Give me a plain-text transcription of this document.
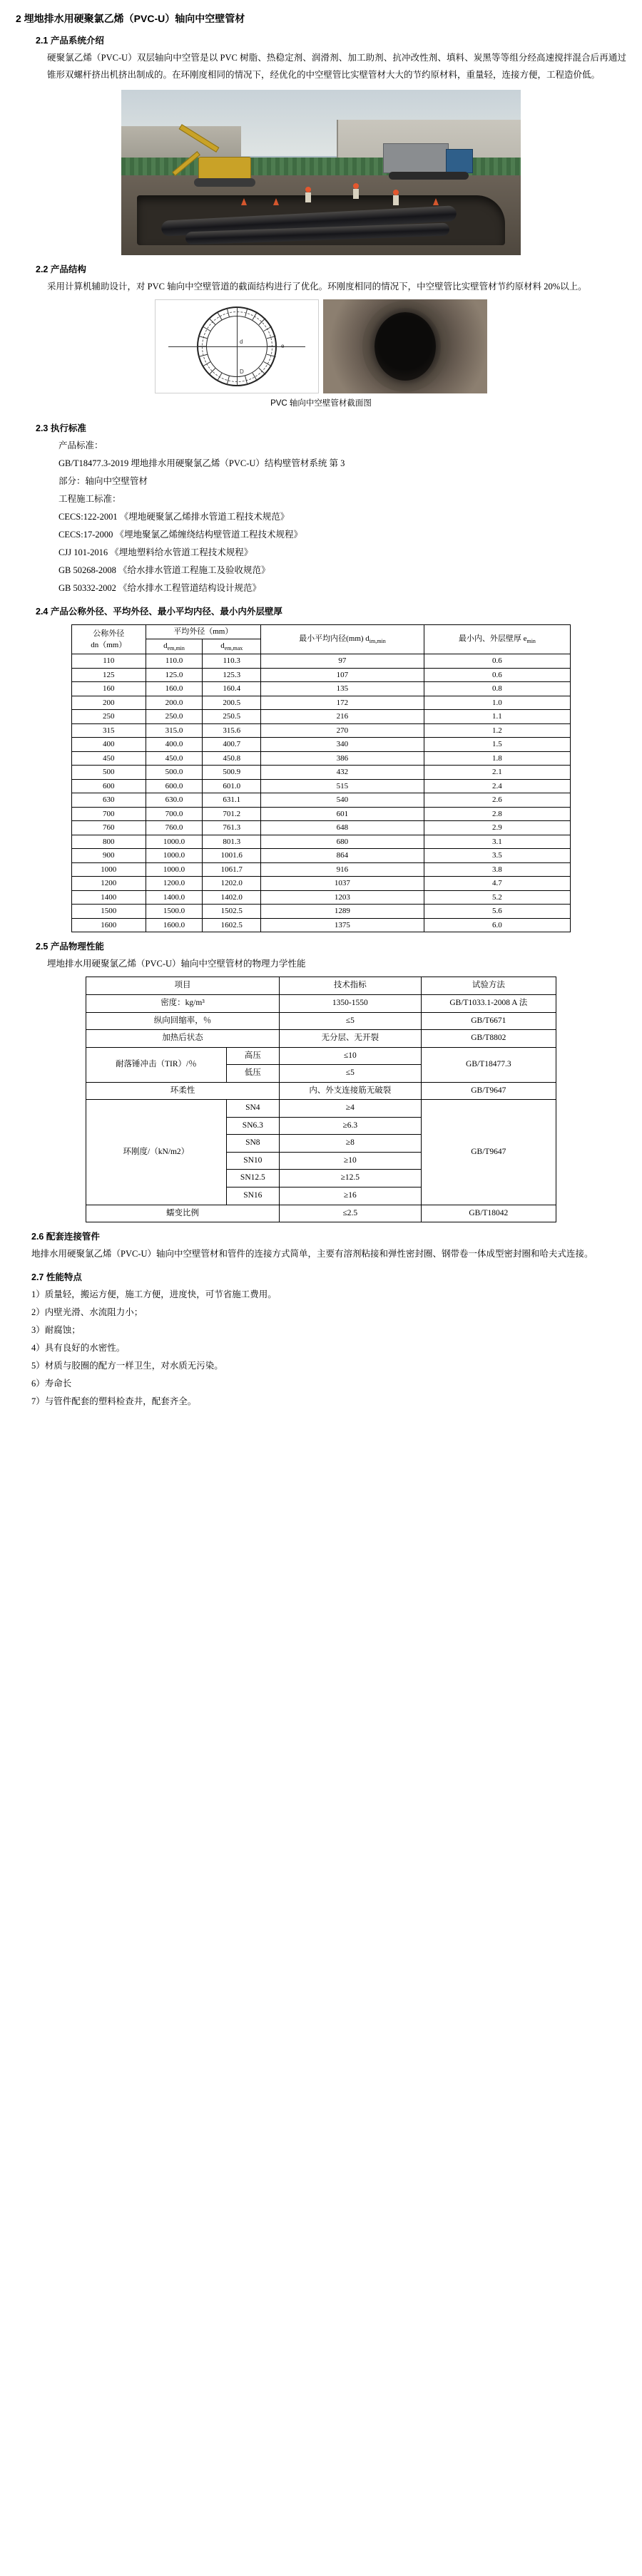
2 埋地排水用硬聚氯乙烯（PVC-U）轴向中空壁管材
2.1 产品系统介绍

硬聚氯乙烯（PVC-U）双层轴向中空管是以 PVC 树脂、热稳定剂、润滑剂、加工助剂、抗冲改性剂、填料、炭黑等等组分经高速搅拌混合后再通过锥形双螺杆挤出机挤出制成的。在环刚度相同的情况下，经优化的中空壁管比实壁管材大大的节约原材料，重量轻，连接方便，工程造价低。

2.2 产品结构

采用计算机辅助设计，对 PVC 轴向中空壁管道的截面结构进行了优化。环刚度相同的情况下，中空壁管比实壁管材节约原材料 20%以上。

d
D
e
PVC 轴向中空壁管材截面图
2.3 执行标准

产品标准：

GB/T18477.3-2019 埋地排水用硬聚氯乙烯（PVC-U）结构壁管材系统 第 3

部分：轴向中空壁管材

工程施工标准：

CECS:122-2001 《埋地硬聚氯乙烯排水管道工程技术规范》

CECS:17-2000 《埋地聚氯乙烯缠绕结构壁管道工程技术规程》

CJJ 101-2016 《埋地塑料给水管道工程技术规程》

GB 50268-2008 《给水排水管道工程施工及验收规范》

GB 50332-2002 《给水排水工程管道结构设计规范》

2.4 产品公称外径、平均外径、最小平均内径、最小内外层壁厚
公称外径
dn（mm）	平均外径（mm）		最小平均内径(mm) $d_{im,min}$	最小内、外层壁厚 $e_{min}$
	$d_{em,min}$	$d_{em,max}$
110	110.0	110.3	97	0.6
125	125.0	125.3	107	0.6
160	160.0	160.4	135	0.8
200	200.0	200.5	172	1.0
250	250.0	250.5	216	1.1
315	315.0	315.6	270	1.2
400	400.0	400.7	340	1.5
450	450.0	450.8	386	1.8
500	500.0	500.9	432	2.1
600	600.0	601.0	515	2.4
630	630.0	631.1	540	2.6
700	700.0	701.2	601	2.8
760	760.0	761.3	648	2.9
800	1000.0	801.3	680	3.1
900	1000.0	1001.6	864	3.5
1000	1000.0	1061.7	916	3.8
1200	1200.0	1202.0	1037	4.7
1400	1400.0	1402.0	1203	5.2
1500	1500.0	1502.5	1289	5.6
1600	1600.0	1602.5	1375	6.0
2.5 产品物理性能

埋地排水用硬聚氯乙烯（PVC-U）轴向中空壁管材的物理力学性能

项目		技术指标	试验方法
密度：kg/m³		1350-1550	GB/T1033.1-2008 A 法
纵向回缩率，％		≤5	GB/T6671
加热后状态		无分层、无开裂	GB/T8802
耐落锤冲击（TIR）/％	高压	≤10	GB/T18477.3
	低压	≤5	
环柔性		内、外支连接筋无破裂	GB/T9647
环刚度/（kN/m2）	SN4	≥4	GB/T9647
	SN6.3	≥6.3	
	SN8	≥8	
	SN10	≥10	
	SN12.5	≥12.5	
	SN16	≥16	
蠕变比例		≤2.5	GB/T18042
2.6 配套连接管件

地排水用硬聚氯乙烯（PVC-U）轴向中空壁管材和管件的连接方式简单，主要有溶剂粘接和弹性密封圈、钢带卷一体成型密封圈和哈夫式连接。

2.7 性能特点

1）质量轻，搬运方便，施工方便，进度快，可节省施工费用。

2）内壁光滑、水流阻力小；

3）耐腐蚀；

4）具有良好的水密性。

5）材质与胶圈的配方一样卫生，对水质无污染。

6）寿命长

7）与管件配套的塑料检查井，配套齐全。
